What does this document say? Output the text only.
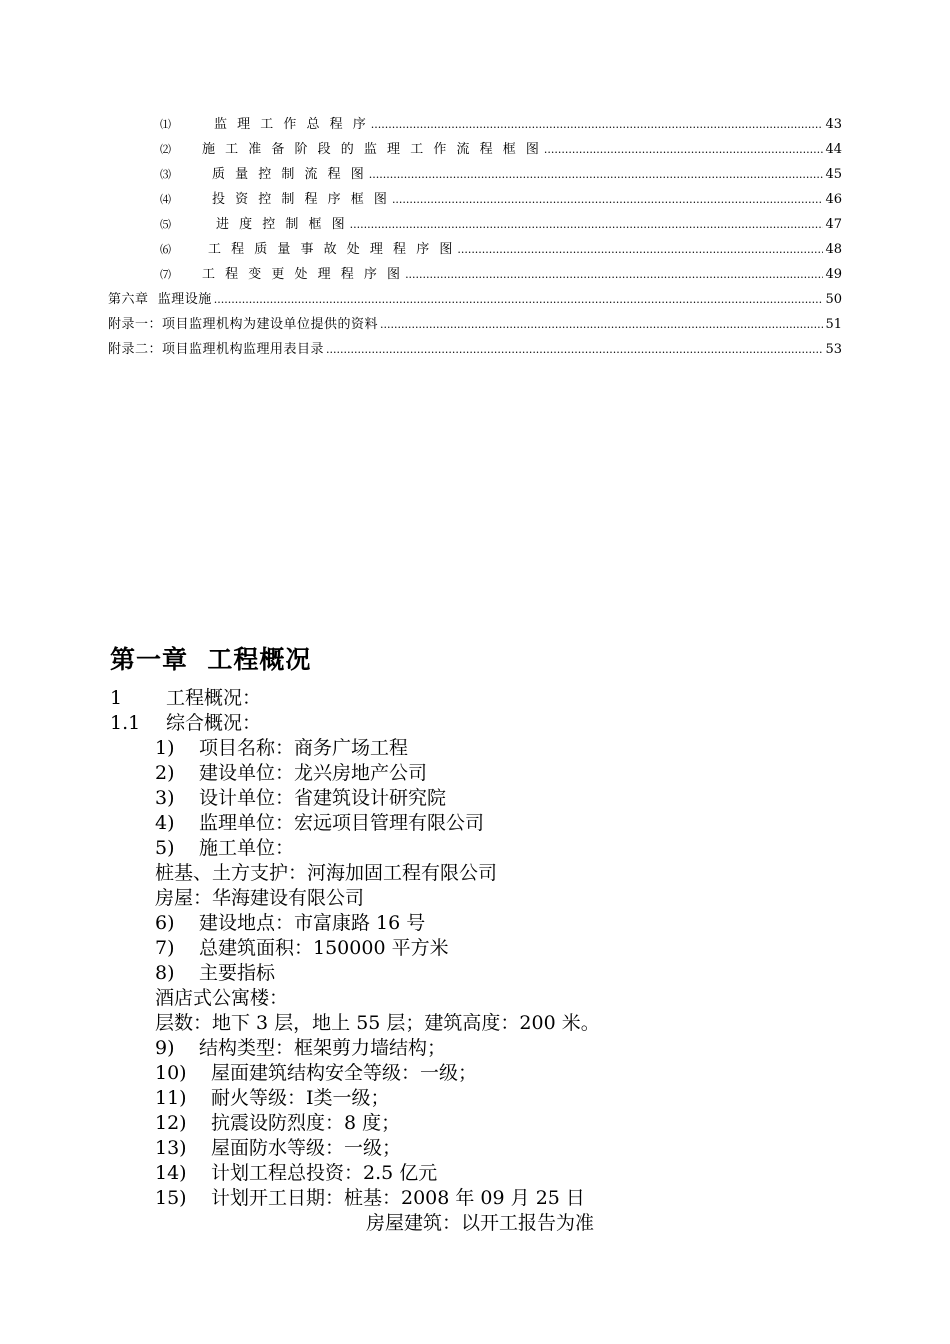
⑴	监 理 工 作 总 程 序 .....	43
⑵	施 工 准 备 阶 段 的 监 理 工 作 流 程 框 图 .....	44
⑶	质 量 控 制 流 程 图 .....	45
⑷	投 资 控 制 程 序 框 图 .....	46
⑸	进 度 控 制 框 图 .....	47
⑹	工 程 质 量 事 故 处 理 程 序 图 .....	48
⑺	工 程 变 更 处 理 程 序 图 .....	49
第六章  监理设施 .....	50
附录一：项目监理机构为建设单位提供的资料 .....	51
附录二：项目监理机构监理用表目录 .....	53
第一章  工程概况
1 工程概况：
1.1 综合概况：
1) 项目名称：商务广场工程
2) 建设单位：龙兴房地产公司
3) 设计单位：省建筑设计研究院
4) 监理单位：宏远项目管理有限公司
5) 施工单位：
桩基、土方支护：河海加固工程有限公司
房屋：华海建设有限公司
6) 建设地点：市富康路 16 号
7) 总建筑面积：150000 平方米
8) 主要指标
酒店式公寓楼：
层数：地下 3 层，地上 55 层；建筑高度：200 米。
9) 结构类型：框架剪力墙结构；
10) 屋面建筑结构安全等级：一级；
11) 耐火等级：Ⅰ类一级；
12) 抗震设防烈度：8 度；
13) 屋面防水等级：一级；
14) 计划工程总投资：2.5 亿元
15) 计划开工日期：桩基：2008 年 09 月 25 日
房屋建筑：以开工报告为准
